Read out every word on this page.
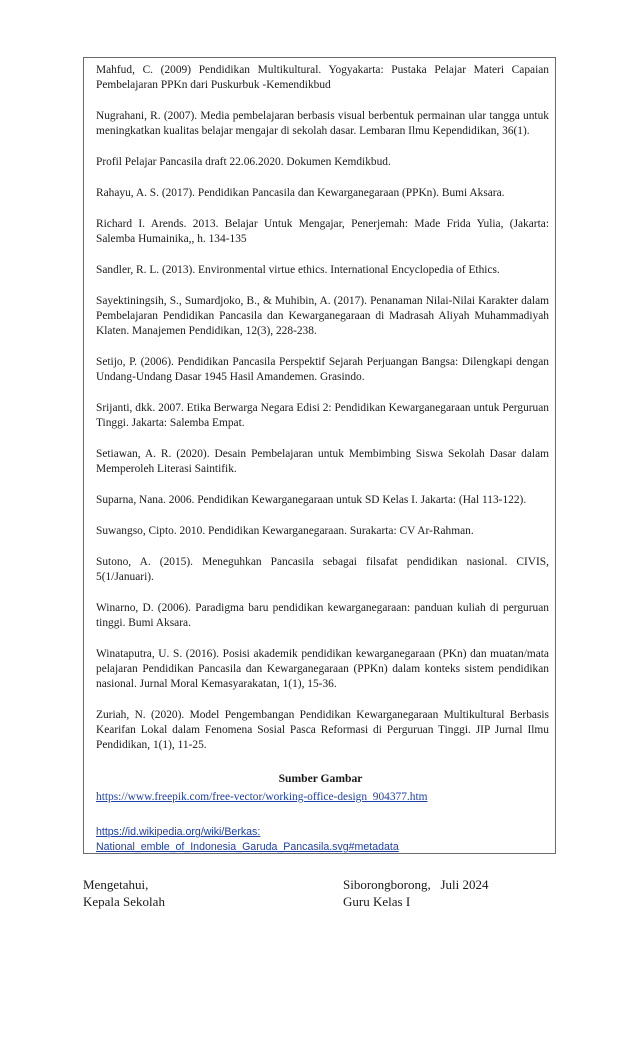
Mahfud, C. (2009) Pendidikan Multikultural. Yogyakarta: Pustaka Pelajar Materi Capaian Pembelajaran PPKn dari Puskurbuk -Kemendikbud

Nugrahani, R. (2007). Media pembelajaran berbasis visual berbentuk permainan ular tangga untuk meningkatkan kualitas belajar mengajar di sekolah dasar. Lembaran Ilmu Kependidikan, 36(1).

Profil Pelajar Pancasila draft 22.06.2020. Dokumen Kemdikbud.

Rahayu, A. S. (2017). Pendidikan Pancasila dan Kewarganegaraan (PPKn). Bumi Aksara.

Richard I. Arends. 2013. Belajar Untuk Mengajar, Penerjemah: Made Frida Yulia, (Jakarta: Salemba Humainika,, h. 134-135

Sandler, R. L. (2013). Environmental virtue ethics. International Encyclopedia of Ethics.

Sayektiningsih, S., Sumardjoko, B., & Muhibin, A. (2017). Penanaman Nilai-Nilai Karakter dalam Pembelajaran Pendidikan Pancasila dan Kewarganegaraan di Madrasah Aliyah Muhammadiyah Klaten. Manajemen Pendidikan, 12(3), 228-238.

Setijo, P. (2006). Pendidikan Pancasila Perspektif Sejarah Perjuangan Bangsa: Dilengkapi dengan Undang-Undang Dasar 1945 Hasil Amandemen. Grasindo.

Srijanti, dkk. 2007. Etika Berwarga Negara Edisi 2: Pendidikan Kewarganegaraan untuk Perguruan Tinggi. Jakarta: Salemba Empat.

Setiawan, A. R. (2020). Desain Pembelajaran untuk Membimbing Siswa Sekolah Dasar dalam Memperoleh Literasi Saintifik.

Suparna, Nana. 2006. Pendidikan Kewarganegaraan untuk SD Kelas I. Jakarta: (Hal 113-122).

Suwangso, Cipto. 2010. Pendidikan Kewarganegaraan. Surakarta: CV Ar-Rahman.

Sutono, A. (2015). Meneguhkan Pancasila sebagai filsafat pendidikan nasional. CIVIS, 5(1/Januari).

Winarno, D. (2006). Paradigma baru pendidikan kewarganegaraan: panduan kuliah di perguruan tinggi. Bumi Aksara.

Winataputra, U. S. (2016). Posisi akademik pendidikan kewarganegaraan (PKn) dan muatan/mata pelajaran Pendidikan Pancasila dan Kewarganegaraan (PPKn) dalam konteks sistem pendidikan nasional. Jurnal Moral Kemasyarakatan, 1(1), 15-36.

Zuriah, N. (2020). Model Pengembangan Pendidikan Kewarganegaraan Multikultural Berbasis Kearifan Lokal dalam Fenomena Sosial Pasca Reformasi di Perguruan Tinggi. JIP Jurnal Ilmu Pendidikan, 1(1), 11-25.

Sumber Gambar
https://www.freepik.com/free-vector/working-office-design_904377.htm
https://id.wikipedia.org/wiki/Berkas: National_emble_of_Indonesia_Garuda_Pancasila.svg#metadata
Mengetahui,
Kepala Sekolah
Siborongborong,   Juli 2024
Guru Kelas I
